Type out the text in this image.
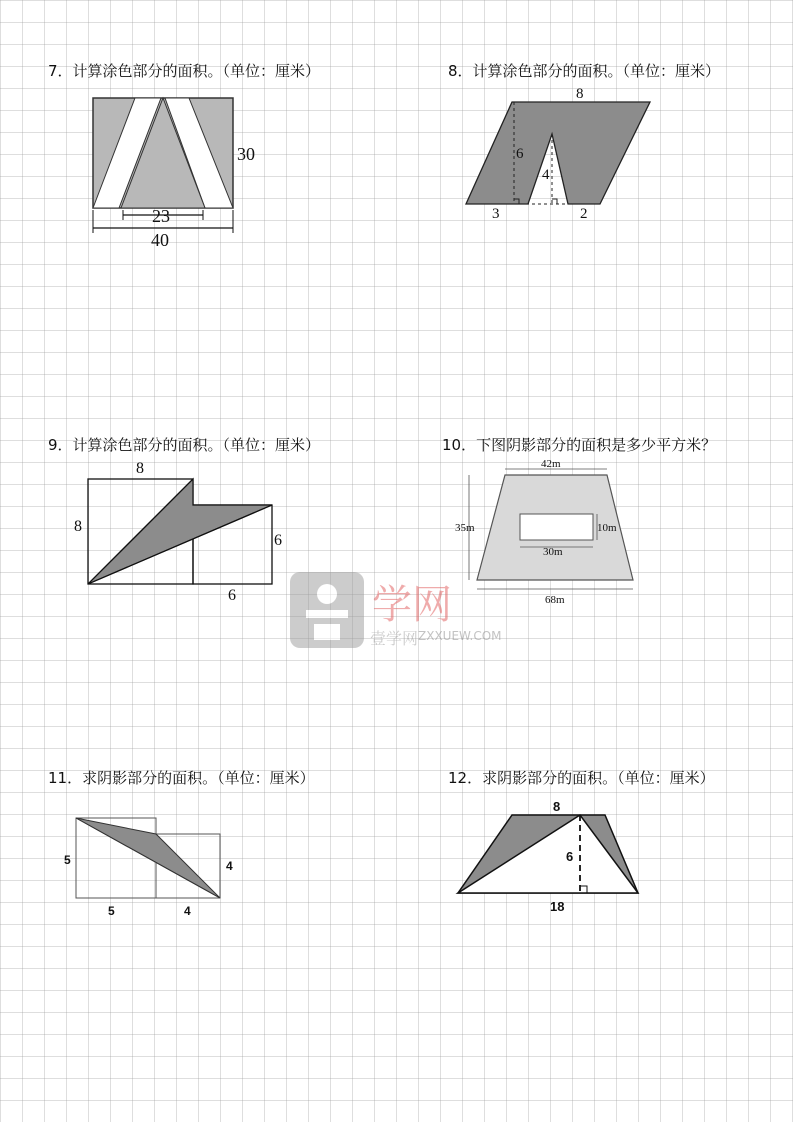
7．计算涂色部分的面积。（单位：厘米）
30
23
40
8．计算涂色部分的面积。（单位：厘米）
8
6
4
3	2
9．计算涂色部分的面积。（单位：厘米）
8
8
6
6
10．下图阴影部分的面积是多少平方米？
42m
35m	10m
30m
68m
11．求阴影部分的面积。（单位：厘米）
5	4
5	4
12．求阴影部分的面积。（单位：厘米）
8
6
18
学网
ZXXUEW.COM
壹学网
